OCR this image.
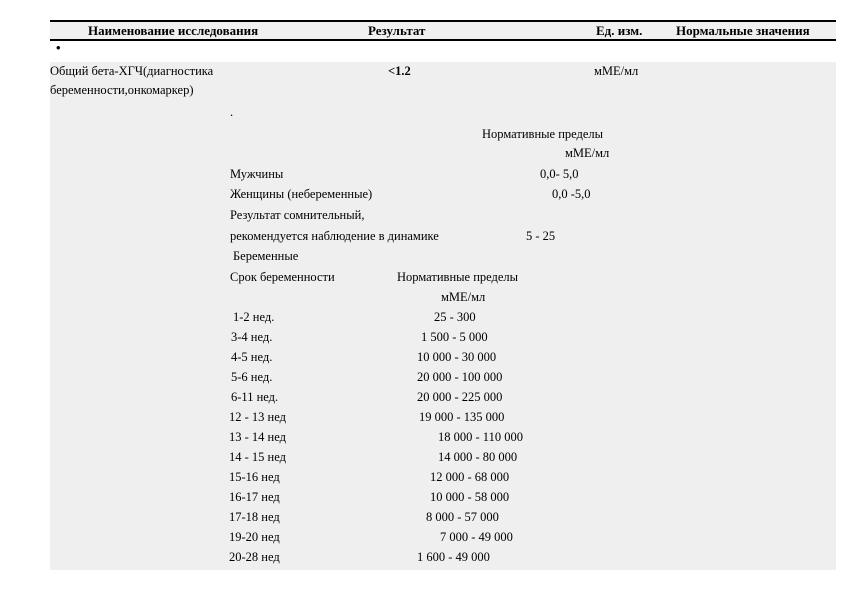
Наименование исследования	Результат	Ед. изм.	Нормальные значения
•
Общий бета-ХГЧ(диагностика
беременности,онкомаркер)
<1.2	мМЕ/мл
.
Нормативные пределы
мМЕ/мл
Мужчины	0,0- 5,0
Женщины (небеременные)	0,0 -5,0
Результат сомнительный,
рекомендуется наблюдение в динамике	5 - 25
Беременные
Срок беременности	Нормативные пределы
мМЕ/мл
1-2 нед.	25 - 300
3-4 нед.	1 500 - 5 000
4-5 нед.	10 000 - 30 000
5-6 нед.	20 000 - 100 000
6-11 нед.	20 000 - 225 000
12 - 13 нед	19 000 - 135 000
13 - 14 нед	18 000 - 110 000
14 - 15 нед	14 000 - 80 000
15-16 нед	12 000 - 68 000
16-17 нед	10 000 - 58 000
17-18 нед	8 000 - 57 000
19-20 нед	7 000 - 49 000
20-28 нед	1 600 - 49 000
